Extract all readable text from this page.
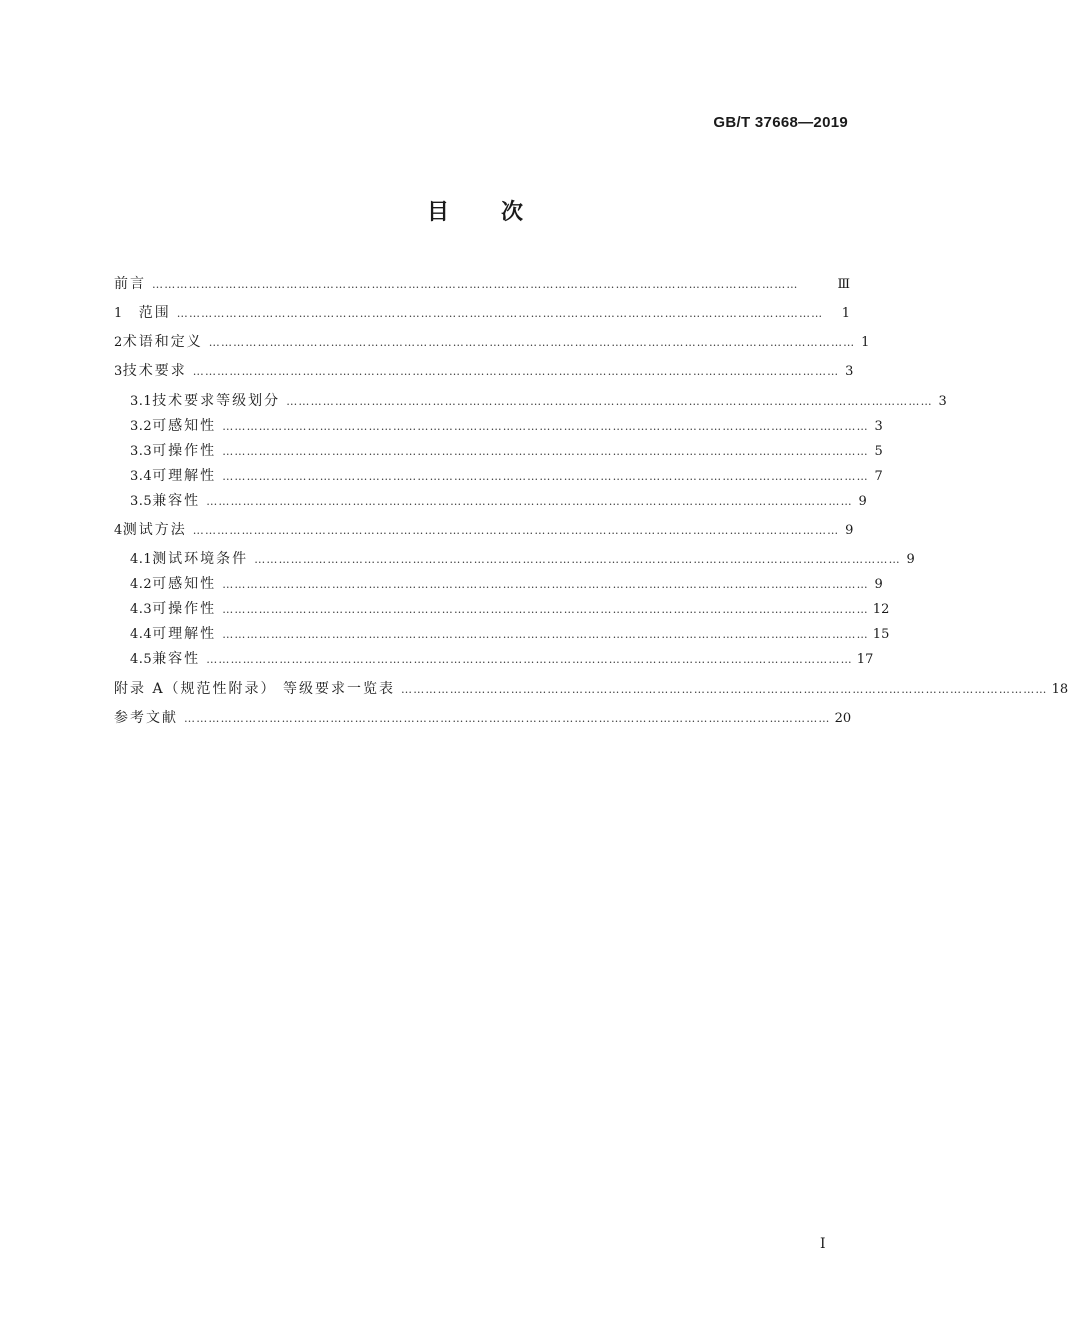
GB/T 37668—2019
目次
前言 ……………………………………………………………………………………………………………………………………………	Ⅲ
1 范围 ……………………………………………………………………………………………………………………………………………	1
2 术语和定义 …………………………………………………………………………………………………………………………………………… 1
3 技术要求 …………………………………………………………………………………………………………………………………………… 3
3.1 技术要求等级划分 …………………………………………………………………………………………………………………………………………… 3
3.2 可感知性 …………………………………………………………………………………………………………………………………………… 3
3.3 可操作性 …………………………………………………………………………………………………………………………………………… 5
3.4 可理解性 …………………………………………………………………………………………………………………………………………… 7
3.5 兼容性 …………………………………………………………………………………………………………………………………………… 9
4 测试方法 …………………………………………………………………………………………………………………………………………… 9
4.1 测试环境条件 …………………………………………………………………………………………………………………………………………… 9
4.2 可感知性 …………………………………………………………………………………………………………………………………………… 9
4.3 可操作性 …………………………………………………………………………………………………………………………………………… 12
4.4 可理解性 …………………………………………………………………………………………………………………………………………… 15
4.5 兼容性 …………………………………………………………………………………………………………………………………………… 17
附录 A（规范性附录） 等级要求一览表 …………………………………………………………………………………………………………………………………………… 18
参考文献 …………………………………………………………………………………………………………………………………………… 20
I
